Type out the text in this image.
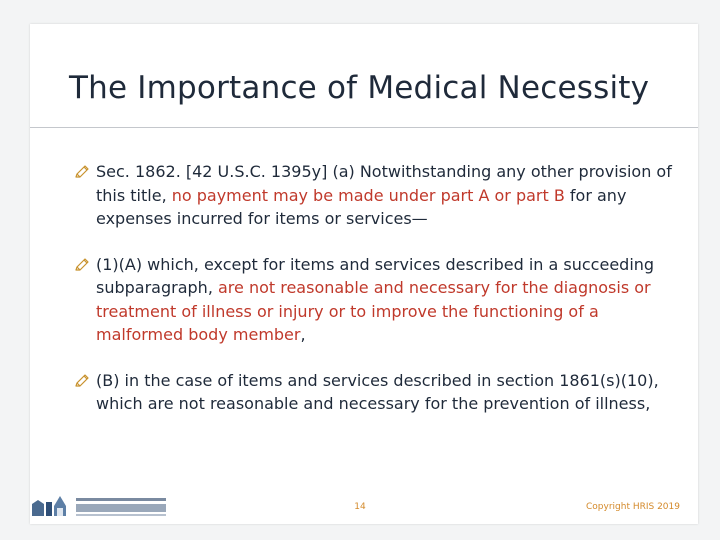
The Importance of Medical Necessity
Sec. 1862. [42 U.S.C. 1395y] (a) Notwithstanding any other provision of this title, no payment may be made under part A or part B for any expenses incurred for items or services—
(1)(A) which, except for items and services described in a succeeding subparagraph, are not reasonable and necessary for the diagnosis or treatment of illness or injury or to improve the functioning of a malformed body member,
(B) in the case of items and services described in section 1861(s)(10), which are not reasonable and necessary for the prevention of illness,
14	Copyright HRIS 2019
